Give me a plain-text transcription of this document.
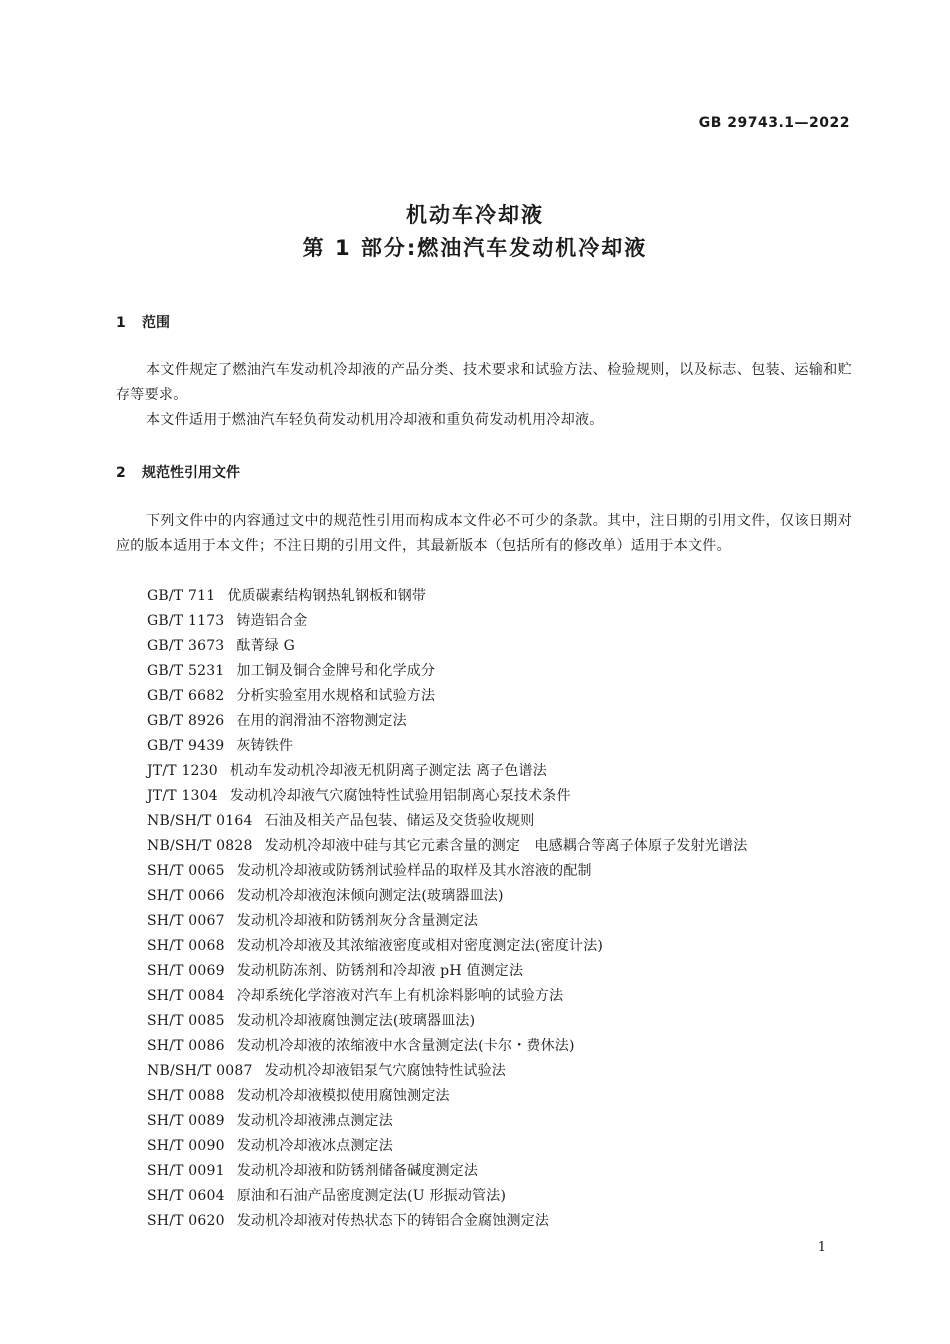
GB 29743.1—2022
机动车冷却液
第 1 部分:燃油汽车发动机冷却液
1 范围
本文件规定了燃油汽车发动机冷却液的产品分类、技术要求和试验方法、检验规则，以及标志、包装、运输和贮存等要求。
本文件适用于燃油汽车轻负荷发动机用冷却液和重负荷发动机用冷却液。
2 规范性引用文件
下列文件中的内容通过文中的规范性引用而构成本文件必不可少的条款。其中，注日期的引用文件，仅该日期对应的版本适用于本文件；不注日期的引用文件，其最新版本（包括所有的修改单）适用于本文件。
GB/T 711 优质碳素结构钢热轧钢板和钢带
GB/T 1173 铸造铝合金
GB/T 3673 酞菁绿 G
GB/T 5231 加工铜及铜合金牌号和化学成分
GB/T 6682 分析实验室用水规格和试验方法
GB/T 8926 在用的润滑油不溶物测定法
GB/T 9439 灰铸铁件
JT/T 1230 机动车发动机冷却液无机阴离子测定法 离子色谱法
JT/T 1304 发动机冷却液气穴腐蚀特性试验用铝制离心泵技术条件
NB/SH/T 0164 石油及相关产品包装、储运及交货验收规则
NB/SH/T 0828 发动机冷却液中硅与其它元素含量的测定　电感耦合等离子体原子发射光谱法
SH/T 0065 发动机冷却液或防锈剂试验样品的取样及其水溶液的配制
SH/T 0066 发动机冷却液泡沫倾向测定法(玻璃器皿法)
SH/T 0067 发动机冷却液和防锈剂灰分含量测定法
SH/T 0068 发动机冷却液及其浓缩液密度或相对密度测定法(密度计法)
SH/T 0069 发动机防冻剂、防锈剂和冷却液 pH 值测定法
SH/T 0084 冷却系统化学溶液对汽车上有机涂料影响的试验方法
SH/T 0085 发动机冷却液腐蚀测定法(玻璃器皿法)
SH/T 0086 发动机冷却液的浓缩液中水含量测定法(卡尔・费休法)
NB/SH/T 0087 发动机冷却液铝泵气穴腐蚀特性试验法
SH/T 0088 发动机冷却液模拟使用腐蚀测定法
SH/T 0089 发动机冷却液沸点测定法
SH/T 0090 发动机冷却液冰点测定法
SH/T 0091 发动机冷却液和防锈剂储备碱度测定法
SH/T 0604 原油和石油产品密度测定法(U 形振动管法)
SH/T 0620 发动机冷却液对传热状态下的铸铝合金腐蚀测定法
1
